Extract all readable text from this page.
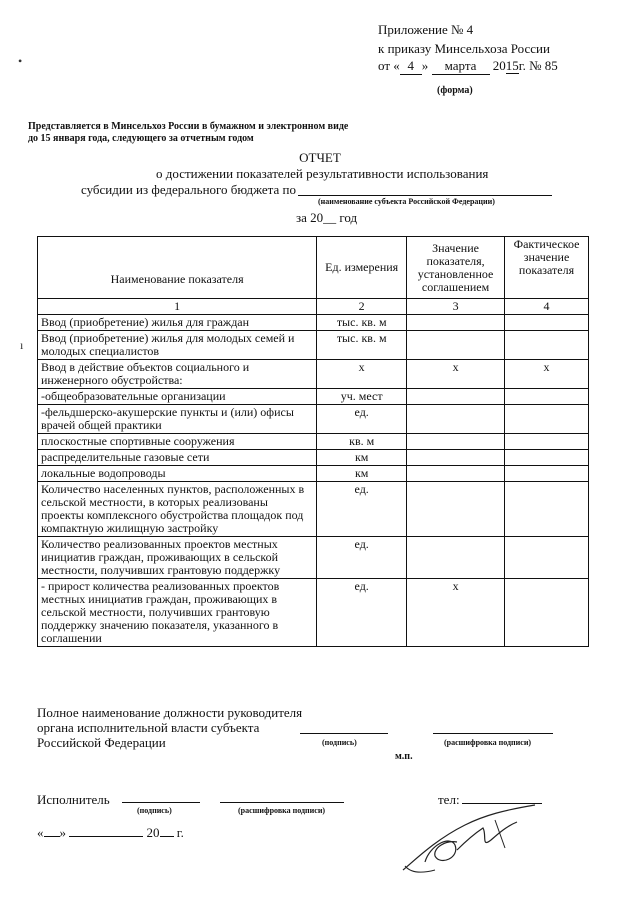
Приложение № 4
к приказу Минсельхоза России
от « 4 » марта 2015г. № 85
(форма)
•
ı
Представляется в Минсельхоз России в бумажном и электронном виде
до 15 января года, следующего за отчетным годом
ОТЧЕТ
о достижении показателей результативности использования
субсидии из федерального бюджета по
(наименование субъекта Российской Федерации)
за 20__ год
Наименование показателя	Ед. измерения	Значение показателя, установленное соглашением	Фактическое значение показателя
1	2	3	4
Ввод (приобретение) жилья для граждан	тыс. кв. м		
Ввод (приобретение) жилья для молодых семей и молодых специалистов	тыс. кв. м		
Ввод в действие объектов социального и инженерного обустройства:	х	х	х
-общеобразовательные организации	уч. мест		
-фельдшерско-акушерские пункты и (или) офисы врачей общей практики	ед.		
плоскостные спортивные сооружения	кв. м		
распределительные газовые сети	км		
локальные водопроводы	км		
Количество населенных пунктов, расположенных в сельской местности, в которых реализованы проекты комплексного обустройства площадок под компактную жилищную застройку	ед.		
Количество реализованных проектов местных инициатив граждан, проживающих в сельской местности, получивших грантовую поддержку	ед.		
- прирост количества реализованных проектов местных инициатив граждан, проживающих в сельской местности, получивших грантовую поддержку значению показателя, указанного в соглашении	ед.	х	
Полное наименование должности руководителя
органа исполнительной власти субъекта
Российской Федерации	(подпись)	(расшифровка подписи)
м.п.
Исполнитель
(подпись)	(расшифровка подписи)
тел:
« »	20 г.
